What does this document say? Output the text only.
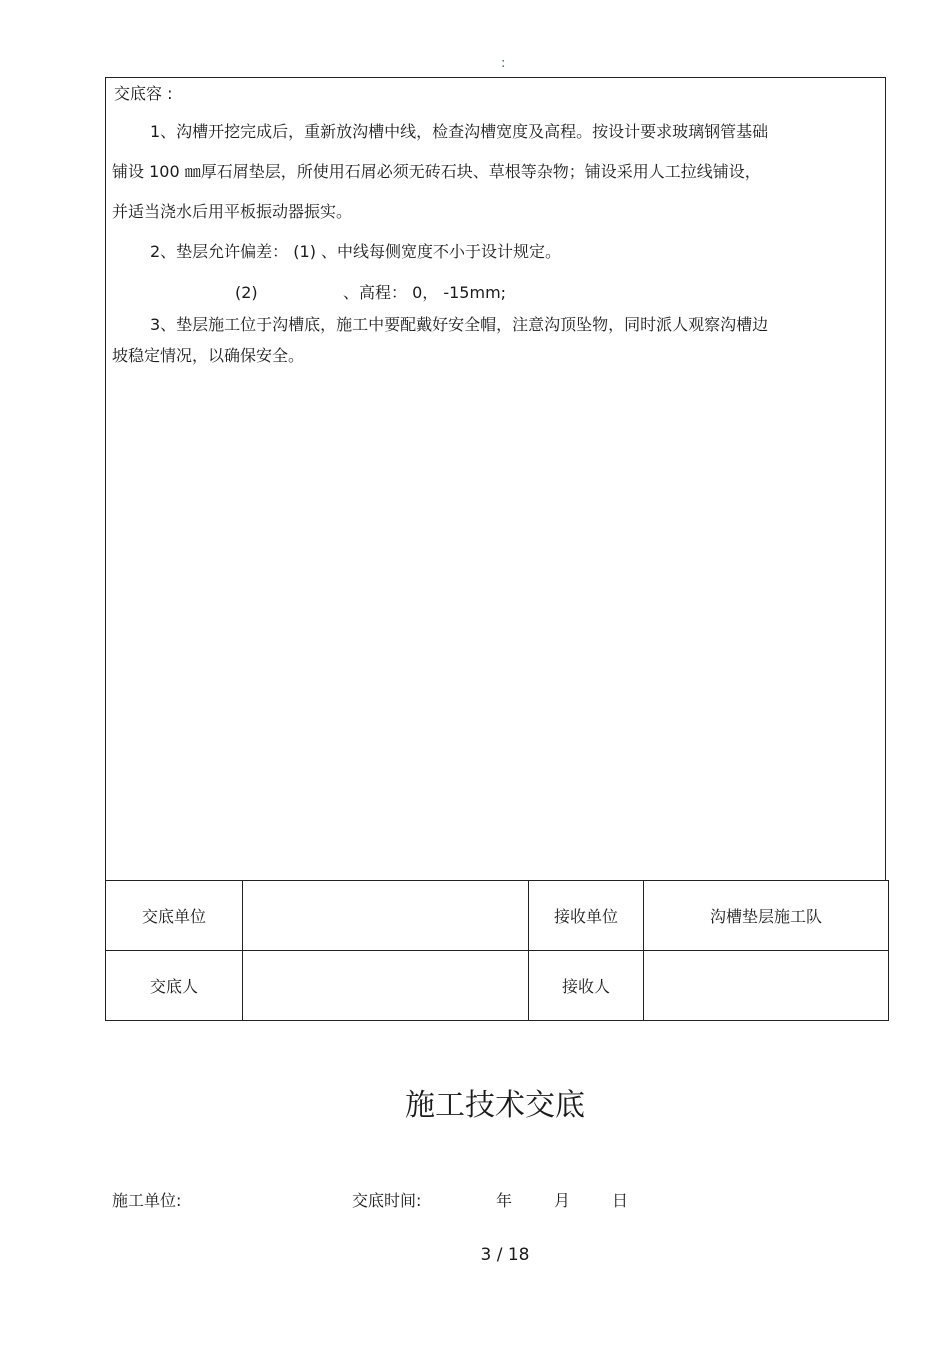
:
交底容 :
1、沟槽开挖完成后，重新放沟槽中线，检查沟槽宽度及高程。按设计要求玻璃钢管基础
铺设 100 ㎜厚石屑垫层，所使用石屑必须无砖石块、草根等杂物；铺设采用人工拉线铺设，
并适当浇水后用平板振动器振实。
2、垫层允许偏差： (1) 、中线每侧宽度不小于设计规定。
(2)	、高程： 0， -15mm;
3、垫层施工位于沟槽底，施工中要配戴好安全帽，注意沟顶坠物，同时派人观察沟槽边
坡稳定情况，以确保安全。
交底单位		接收单位	沟槽垫层施工队
交底人		接收人	
施工技术交底
施工单位:	交底时间:	年	月	日
3 / 18
